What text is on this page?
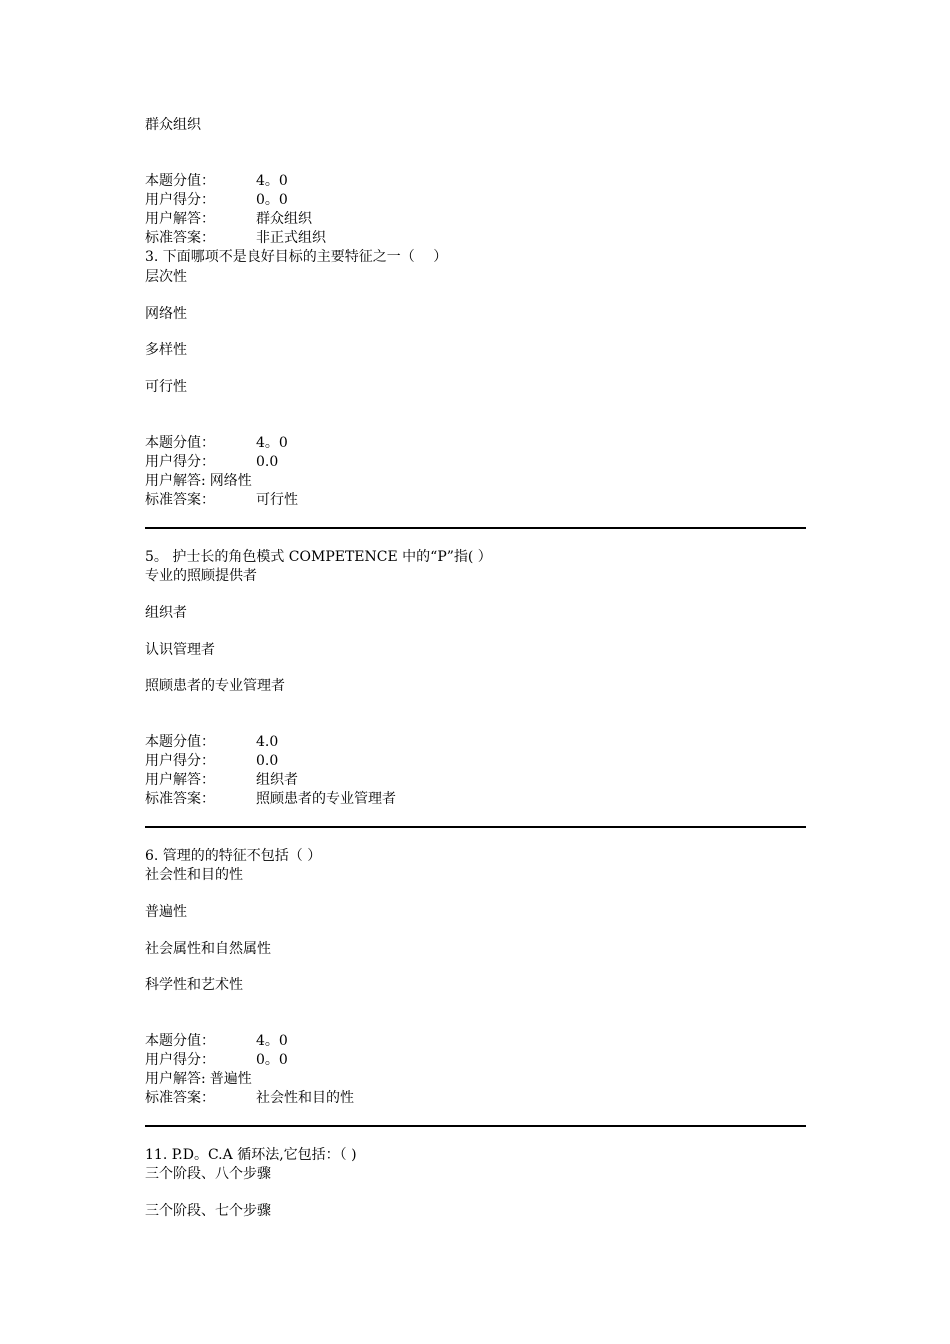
群众组织
本题分值：	4。0
用户得分：	0。0
用户解答：	群众组织
标准答案：	非正式组织
3. 下面哪项不是良好目标的主要特征之一（　 ）
层次性
网络性
多样性
可行性
本题分值：	4。0
用户得分：	0.0
用户解答: 网络性
标准答案：	可行性
5。 护士长的角色模式 COMPETENCE 中的“P”指( ）
专业的照顾提供者
组织者
认识管理者
照顾患者的专业管理者
本题分值：	4.0
用户得分：	0.0
用户解答：	组织者
标准答案：	照顾患者的专业管理者
6. 管理的的特征不包括（ ）
社会性和目的性
普遍性
社会属性和自然属性
科学性和艺术性
本题分值：	4。0
用户得分：	0。0
用户解答: 普遍性
标准答案：	社会性和目的性
11. P.D。C.A 循环法,它包括：（ )
三个阶段、八个步骤
三个阶段、七个步骤
